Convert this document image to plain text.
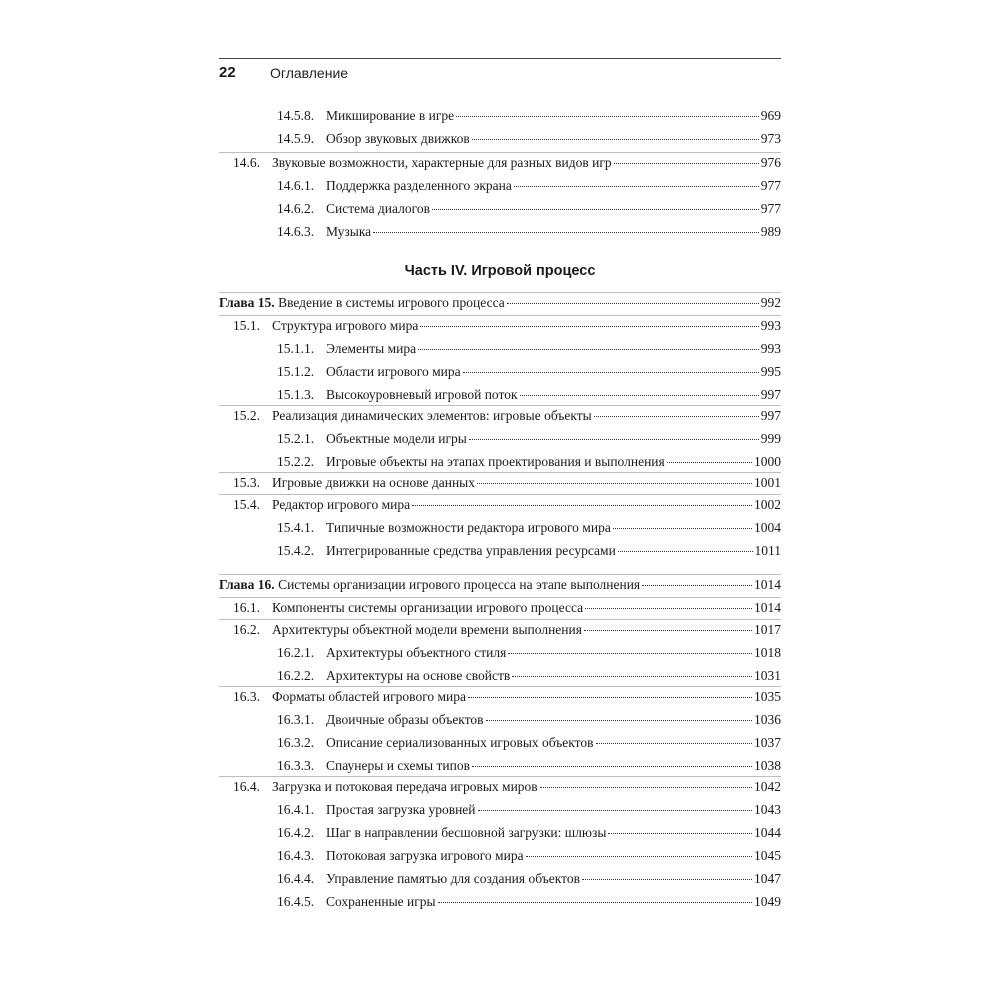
22 Оглавление
14.5.8. Микширование в игре	969
14.5.9. Обзор звуковых движков	973
14.6. Звуковые возможности, характерные для разных видов игр	976
14.6.1. Поддержка разделенного экрана	977
14.6.2. Система диалогов	977
14.6.3. Музыка	989
Часть IV. Игровой процесс
Глава 15. Введение в системы игрового процесса	992
15.1. Структура игрового мира	993
15.1.1. Элементы мира	993
15.1.2. Области игрового мира	995
15.1.3. Высокоуровневый игровой поток	997
15.2. Реализация динамических элементов: игровые объекты	997
15.2.1. Объектные модели игры	999
15.2.2. Игровые объекты на этапах проектирования и выполнения	1000
15.3. Игровые движки на основе данных	1001
15.4. Редактор игрового мира	1002
15.4.1. Типичные возможности редактора игрового мира	1004
15.4.2. Интегрированные средства управления ресурсами	1011
Глава 16. Системы организации игрового процесса на этапе выполнения	1014
16.1. Компоненты системы организации игрового процесса	1014
16.2. Архитектуры объектной модели времени выполнения	1017
16.2.1. Архитектуры объектного стиля	1018
16.2.2. Архитектуры на основе свойств	1031
16.3. Форматы областей игрового мира	1035
16.3.1. Двоичные образы объектов	1036
16.3.2. Описание сериализованных игровых объектов	1037
16.3.3. Спаунеры и схемы типов	1038
16.4. Загрузка и потоковая передача игровых миров	1042
16.4.1. Простая загрузка уровней	1043
16.4.2. Шаг в направлении бесшовной загрузки: шлюзы	1044
16.4.3. Потоковая загрузка игрового мира	1045
16.4.4. Управление памятью для создания объектов	1047
16.4.5. Сохраненные игры	1049
